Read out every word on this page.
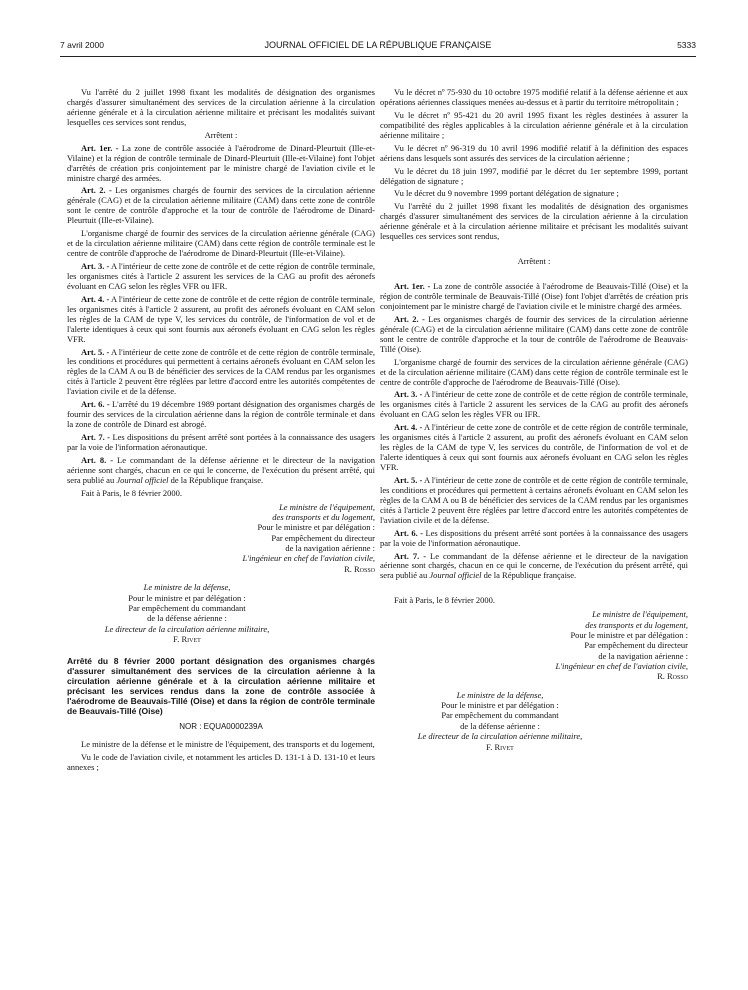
7 avril 2000	JOURNAL OFFICIEL DE LA RÉPUBLIQUE FRANÇAISE	5333

Vu l'arrêté du 2 juillet 1998 fixant les modalités de désignation des organismes chargés d'assurer simultanément des services de la circulation aérienne à la circulation aérienne générale et à la circulation aérienne militaire et précisant les modalités suivant lesquelles ces services sont rendus,

Arrêtent :

Art. 1er. - La zone de contrôle associée à l'aérodrome de Dinard-Pleurtuit (Ille-et-Vilaine) et la région de contrôle terminale de Dinard-Pleurtuit (Ille-et-Vilaine) font l'objet d'arrêtés de création pris conjointement par le ministre chargé de l'aviation civile et le ministre chargé des armées.

Art. 2. - Les organismes chargés de fournir des services de la circulation aérienne générale (CAG) et de la circulation aérienne militaire (CAM) dans cette zone de contrôle sont le centre de contrôle d'approche et la tour de contrôle de l'aérodrome de Dinard-Pleurtuit (Ille-et-Vilaine).

L'organisme chargé de fournir des services de la circulation aérienne générale (CAG) et de la circulation aérienne militaire (CAM) dans cette région de contrôle terminale est le centre de contrôle d'approche de l'aérodrome de Dinard-Pleurtuit (Ille-et-Vilaine).

Art. 3. - A l'intérieur de cette zone de contrôle et de cette région de contrôle terminale, les organismes cités à l'article 2 assurent les services de la CAG au profit des aéronefs évoluant en CAG selon les règles VFR ou IFR.

Art. 4. - A l'intérieur de cette zone de contrôle et de cette région de contrôle terminale, les organismes cités à l'article 2 assurent, au profit des aéronefs évoluant en CAM selon les règles de la CAM de type V, les services du contrôle, de l'information de vol et de l'alerte identiques à ceux qui sont fournis aux aéronefs évoluant en CAG selon les règles VFR.

Art. 5. - A l'intérieur de cette zone de contrôle et de cette région de contrôle terminale, les conditions et procédures qui permettent à certains aéronefs évoluant en CAM selon les règles de la CAM A ou B de bénéficier des services de la CAM rendus par les organismes cités à l'article 2 peuvent être réglées par lettre d'accord entre les autorités compétentes de l'aviation civile et de la défense.

Art. 6. - L'arrêté du 19 décembre 1989 portant désignation des organismes chargés de fournir des services de la circulation aérienne dans la région de contrôle terminale et dans la zone de contrôle de Dinard est abrogé.

Art. 7. - Les dispositions du présent arrêté sont portées à la connaissance des usagers par la voie de l'information aéronautique.

Art. 8. - Le commandant de la défense aérienne et le directeur de la navigation aérienne sont chargés, chacun en ce qui le concerne, de l'exécution du présent arrêté, qui sera publié au Journal officiel de la République française.

Fait à Paris, le 8 février 2000.

Le ministre de l'équipement,
des transports et du logement,
Pour le ministre et par délégation :
Par empêchement du directeur
de la navigation aérienne :
L'ingénieur en chef de l'aviation civile,
R. Rosso
Le ministre de la défense,
Pour le ministre et par délégation :
Par empêchement du commandant
de la défense aérienne :
Le directeur de la circulation aérienne militaire,
F. Rivet
Arrêté du 8 février 2000 portant désignation des organismes chargés d'assurer simultanément des services de la circulation aérienne à la circulation aérienne générale et à la circulation aérienne militaire et précisant les services rendus dans la zone de contrôle associée à l'aérodrome de Beauvais-Tillé (Oise) et dans la région de contrôle terminale de Beauvais-Tillé (Oise)
NOR : EQUA0000239A

Le ministre de la défense et le ministre de l'équipement, des transports et du logement,

Vu le code de l'aviation civile, et notamment les articles D. 131-1 à D. 131-10 et leurs annexes ;

Vu le décret nº 75-930 du 10 octobre 1975 modifié relatif à la défense aérienne et aux opérations aériennes classiques menées au-dessus et à partir du territoire métropolitain ;

Vu le décret nº 95-421 du 20 avril 1995 fixant les règles destinées à assurer la compatibilité des règles applicables à la circulation aérienne générale et à la circulation aérienne militaire ;

Vu le décret nº 96-319 du 10 avril 1996 modifié relatif à la définition des espaces aériens dans lesquels sont assurés des services de la circulation aérienne ;

Vu le décret du 18 juin 1997, modifié par le décret du 1er septembre 1999, portant délégation de signature ;

Vu le décret du 9 novembre 1999 portant délégation de signature ;

Vu l'arrêté du 2 juillet 1998 fixant les modalités de désignation des organismes chargés d'assurer simultanément des services de la circulation aérienne à la circulation aérienne générale et à la circulation aérienne militaire et précisant les modalités suivant lesquelles ces services sont rendus,

Arrêtent :

Art. 1er. - La zone de contrôle associée à l'aérodrome de Beauvais-Tillé (Oise) et la région de contrôle terminale de Beauvais-Tillé (Oise) font l'objet d'arrêtés de création pris conjointement par le ministre chargé de l'aviation civile et le ministre chargé des armées.

Art. 2. - Les organismes chargés de fournir des services de la circulation aérienne générale (CAG) et de la circulation aérienne militaire (CAM) dans cette zone de contrôle sont le centre de contrôle d'approche et la tour de contrôle de l'aérodrome de Beauvais-Tillé (Oise).

L'organisme chargé de fournir des services de la circulation aérienne générale (CAG) et de la circulation aérienne militaire (CAM) dans cette région de contrôle terminale est le centre de contrôle d'approche de l'aérodrome de Beauvais-Tillé (Oise).

Art. 3. - A l'intérieur de cette zone de contrôle et de cette région de contrôle terminale, les organismes cités à l'article 2 assurent les services de la CAG au profit des aéronefs évoluant en CAG selon les règles VFR ou IFR.

Art. 4. - A l'intérieur de cette zone de contrôle et de cette région de contrôle terminale, les organismes cités à l'article 2 assurent, au profit des aéronefs évoluant en CAM selon les règles de la CAM de type V, les services du contrôle, de l'information de vol et de l'alerte identiques à ceux qui sont fournis aux aéronefs évoluant en CAG selon les règles VFR.

Art. 5. - A l'intérieur de cette zone de contrôle et de cette région de contrôle terminale, les conditions et procédures qui permettent à certains aéronefs évoluant en CAM selon les règles de la CAM A ou B de bénéficier des services de la CAM rendus par les organismes cités à l'article 2 peuvent être réglées par lettre d'accord entre les autorités compétentes de l'aviation civile et de la défense.

Art. 6. - Les dispositions du présent arrêté sont portées à la connaissance des usagers par la voie de l'information aéronautique.

Art. 7. - Le commandant de la défense aérienne et le directeur de la navigation aérienne sont chargés, chacun en ce qui le concerne, de l'exécution du présent arrêté, qui sera publié au Journal officiel de la République française.

Fait à Paris, le 8 février 2000.

Le ministre de l'équipement,
des transports et du logement,
Pour le ministre et par délégation :
Par empêchement du directeur
de la navigation aérienne :
L'ingénieur en chef de l'aviation civile,
R. Rosso
Le ministre de la défense,
Pour le ministre et par délégation :
Par empêchement du commandant
de la défense aérienne :
Le directeur de la circulation aérienne militaire,
F. Rivet
